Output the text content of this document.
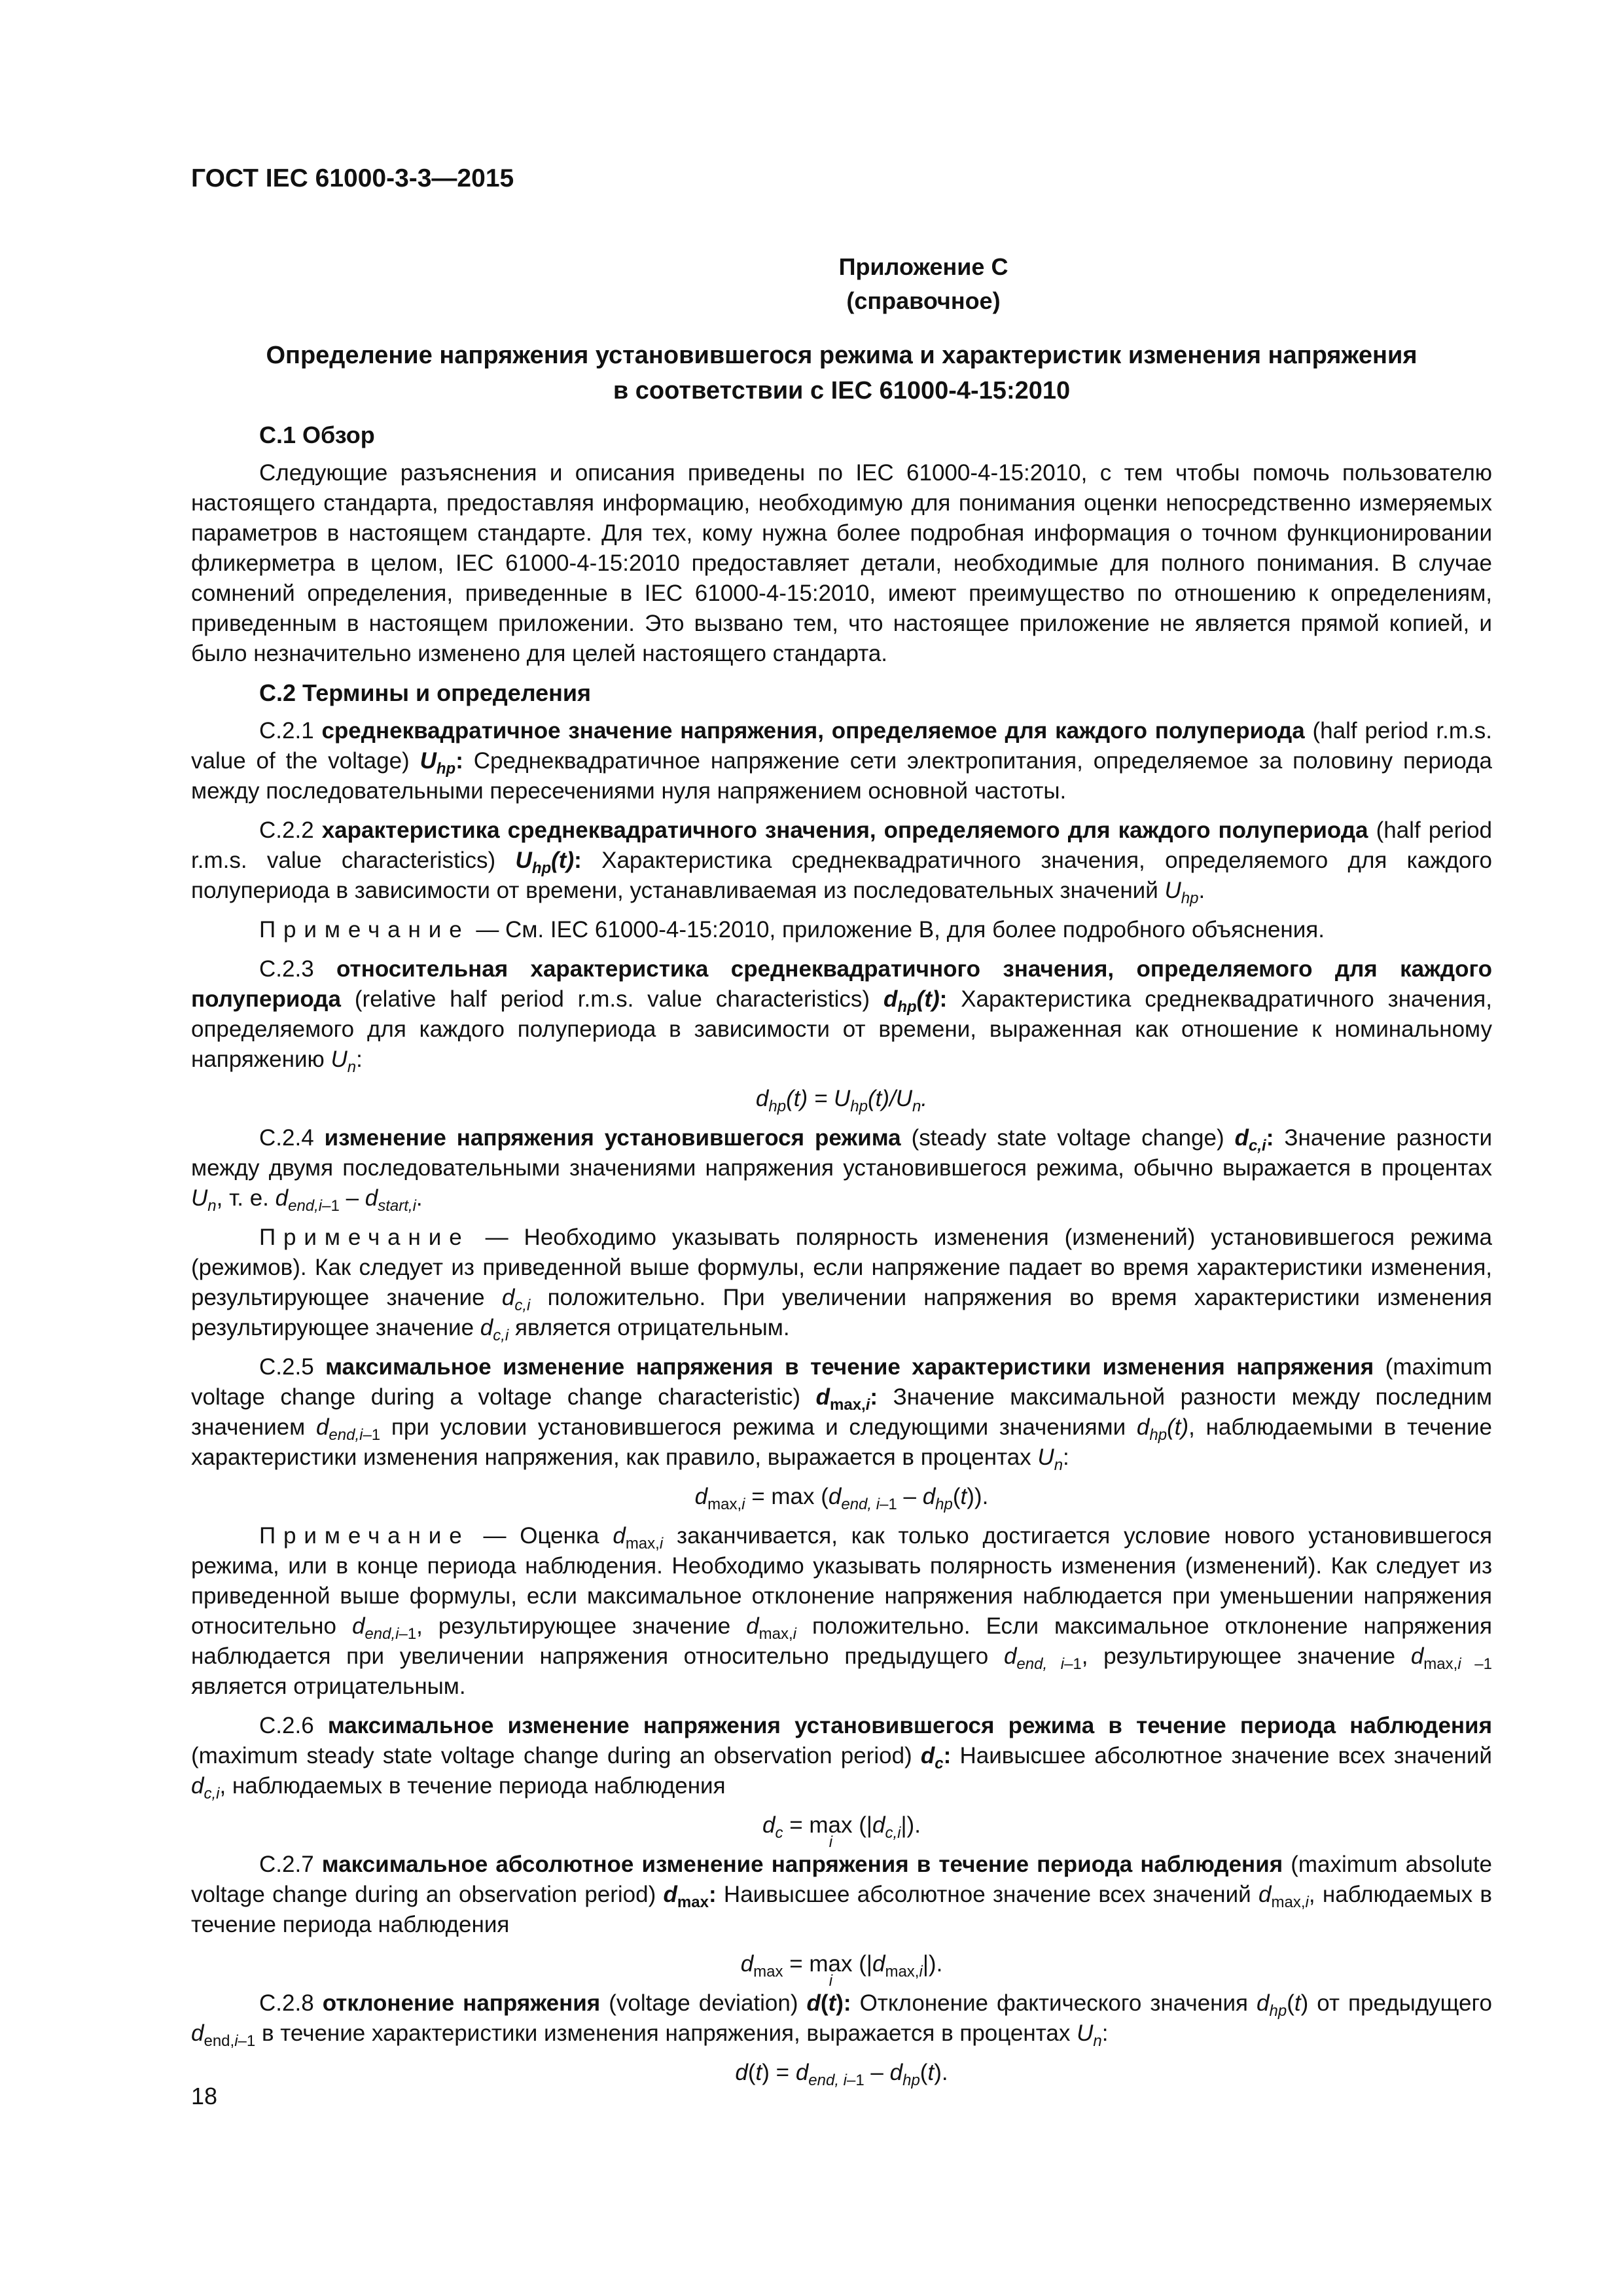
ГОСТ IEC 61000-3-3—2015
Приложение С
(справочное)
Определение напряжения установившегося режима и характеристик изменения напряжения
в соответствии с IEC 61000-4-15:2010
С.1 Обзор

Следующие разъяснения и описания приведены по IEC 61000-4-15:2010, с тем чтобы помочь пользователю настоящего стандарта, предоставляя информацию, необходимую для понимания оценки непосредственно измеряемых параметров в настоящем стандарте. Для тех, кому нужна более подробная информация о точном функционировании фликерметра в целом, IEC 61000-4-15:2010 предоставляет детали, необходимые для полного понимания. В случае сомнений определения, приведенные в IEC 61000-4-15:2010, имеют преимущество по отношению к определениям, приведенным в настоящем приложении. Это вызвано тем, что настоящее приложение не является прямой копией, и было незначительно изменено для целей настоящего стандарта.

С.2 Термины и определения

С.2.1 среднеквадратичное значение напряжения, определяемое для каждого полупериода (half period r.m.s. value of the voltage) $U_{hp}$: Среднеквадратичное напряжение сети электропитания, определяемое за половину периода между последовательными пересечениями нуля напряжением основной частоты.

С.2.2 характеристика среднеквадратичного значения, определяемого для каждого полупериода (half period r.m.s. value characteristics) $U_{hp}(t)$: Характеристика среднеквадратичного значения, определяемого для каждого полупериода в зависимости от времени, устанавливаемая из последовательных значений $U_{hp}$.

Примечание — См. IEC 61000-4-15:2010, приложение В, для более подробного объяснения.

С.2.3 относительная характеристика среднеквадратичного значения, определяемого для каждого полупериода (relative half period r.m.s. value characteristics) $d_{hp}(t)$: Характеристика среднеквадратичного значения, определяемого для каждого полупериода в зависимости от времени, выраженная как отношение к номинальному напряжению $U_n$:

$d_{hp}(t) = U_{hp}(t)/U_n$.

С.2.4 изменение напряжения установившегося режима (steady state voltage change) $d_{c,i}$: Значение разности между двумя последовательными значениями напряжения установившегося режима, обычно выражается в процентах $U_n$, т. е. $d_{end,i-1} - d_{start,i}$.

Примечание — Необходимо указывать полярность изменения (изменений) установившегося режима (режимов). Как следует из приведенной выше формулы, если напряжение падает во время характеристики изменения, результирующее значение $d_{c,i}$ положительно. При увеличении напряжения во время характеристики изменения результирующее значение $d_{c,i}$ является отрицательным.

С.2.5 максимальное изменение напряжения в течение характеристики изменения напряжения (maximum voltage change during a voltage change characteristic) $d_{max,i}$: Значение максимальной разности между последним значением $d_{end,i-1}$ при условии установившегося режима и следующими значениями $d_{hp}(t)$, наблюдаемыми в течение характеристики изменения напряжения, как правило, выражается в процентах $U_n$:

$d_{max,i} = \max (d_{end, i-1} - d_{hp}(t))$.

Примечание — Оценка $d_{max,i}$ заканчивается, как только достигается условие нового установившегося режима, или в конце периода наблюдения. Необходимо указывать полярность изменения (изменений). Как следует из приведенной выше формулы, если максимальное отклонение напряжения наблюдается при уменьшении напряжения относительно $d_{end,i-1}$, результирующее значение $d_{max,i}$ положительно. Если максимальное отклонение напряжения наблюдается при увеличении напряжения относительно предыдущего $d_{end, i-1}$, результирующее значение $d_{max,i -1}$ является отрицательным.

С.2.6 максимальное изменение напряжения установившегося режима в течение периода наблюдения (maximum steady state voltage change during an observation period) $d_c$: Наивысшее абсолютное значение всех значений $d_{c,i}$, наблюдаемых в течение периода наблюдения

$d_c = \max$
i
$(|d_{c,i}|)$.

С.2.7 максимальное абсолютное изменение напряжения в течение периода наблюдения (maximum absolute voltage change during an observation period) $d_{max}$: Наивысшее абсолютное значение всех значений $d_{max,i}$, наблюдаемых в течение периода наблюдения

$d_{max} = \max$
i
$(|d_{max,i}|)$.

С.2.8 отклонение напряжения (voltage deviation) d(t): Отклонение фактического значения $d_{hp}(t)$ от предыдущего $d_{end,i-1}$ в течение характеристики изменения напряжения, выражается в процентах $U_n$:

$d(t) = d_{end, i-1} - d_{hp}(t)$.
18
